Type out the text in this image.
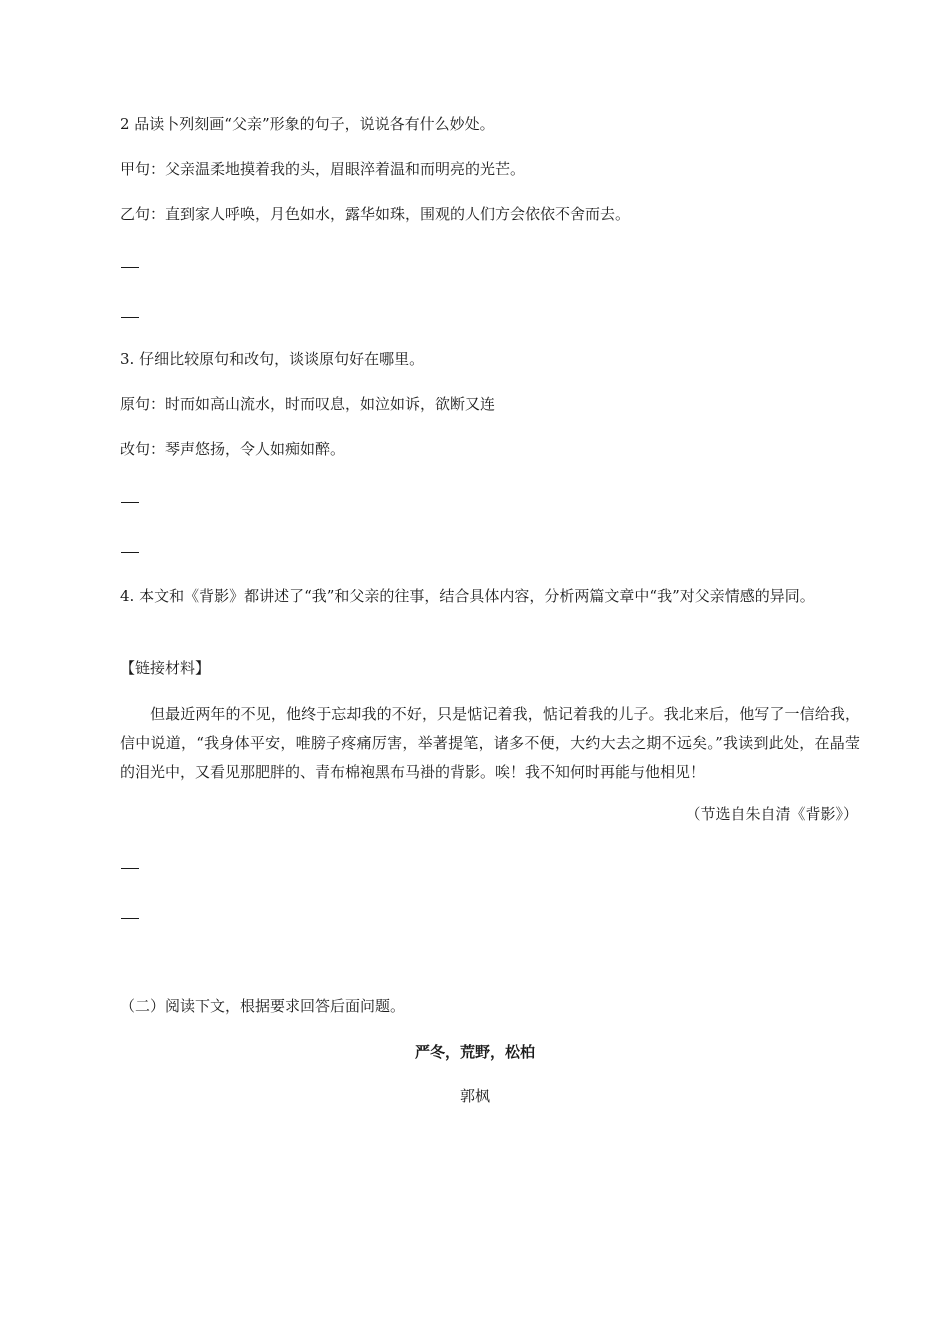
2 品读卜列刻画“父亲”形象的句子，说说各有什么妙处。
甲句：父亲温柔地摸着我的头，眉眼淬着温和而明亮的光芒。
乙句：直到家人呼唤，月色如水，露华如珠，围观的人们方会依依不舍而去。
3. 仔细比较原句和改句，谈谈原句好在哪里。
原句：时而如高山流水，时而叹息，如泣如诉，欲断又连
改句：琴声悠扬，令人如痴如醉。
4. 本文和《背影》都讲述了“我”和父亲的往事，结合具体内容，分析两篇文章中“我”对父亲情感的异同。
【链接材料】
但最近两年的不见，他终于忘却我的不好，只是惦记着我，惦记着我的儿子。我北来后，他写了一信给我，信中说道，“我身体平安，唯膀子疼痛厉害，举著提笔，诸多不便，大约大去之期不远矣。”我读到此处，在晶莹的泪光中，又看见那肥胖的、青布棉袍黑布马褂的背影。唉！我不知何时再能与他相见！
（节选自朱自清《背影》）
（二）阅读下文，根据要求回答后面问题。
严冬，荒野，松柏
郭枫
